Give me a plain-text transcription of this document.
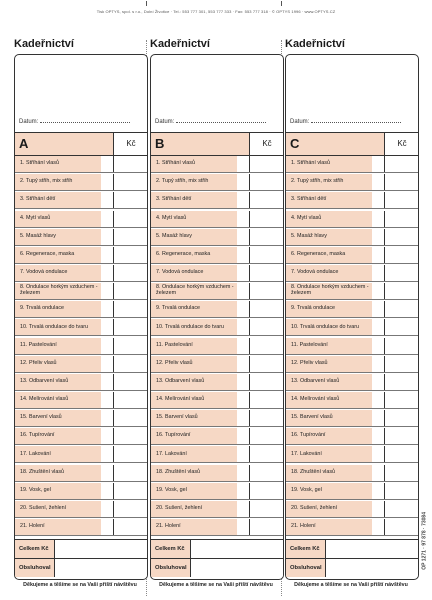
Tisk OPTYS, spol. s r.o., Dolní Životice · Tel.: 553 777 301, 553 777 333 · Fax: 553 777 318 · © OPTYS 1996 · www.OPTYS.CZ
OP 1271 · 97 878 · 73084
Kadeřnictví
Datum:
A	Kč
1. Stříhání vlasů
2. Tupý střih, mix střih
3. Stříhání dětí
4. Mytí vlasů
5. Masáž hlavy
6. Regenerace, maska
7. Vodová ondulace
8. Ondulace horkým vzduchem - železem
9. Trvalá ondulace
10. Trvalá ondulace do tvaru
11. Pastelování
12. Přeliv vlasů
13. Odbarvení vlasů
14. Melírování vlasů
15. Barvení vlasů
16. Tupírování
17. Lakování
18. Zhuštění vlasů
19. Vosk, gel
20. Sušení, žehlení
21. Holení
Celkem Kč
Obsluhoval
Děkujeme a těšíme se na Vaši příští návštěvu
Kadeřnictví
Datum:
B	Kč
1. Stříhání vlasů
2. Tupý střih, mix střih
3. Stříhání dětí
4. Mytí vlasů
5. Masáž hlavy
6. Regenerace, maska
7. Vodová ondulace
8. Ondulace horkým vzduchem - železem
9. Trvalá ondulace
10. Trvalá ondulace do tvaru
11. Pastelování
12. Přeliv vlasů
13. Odbarvení vlasů
14. Melírování vlasů
15. Barvení vlasů
16. Tupírování
17. Lakování
18. Zhuštění vlasů
19. Vosk, gel
20. Sušení, žehlení
21. Holení
Celkem Kč
Obsluhoval
Děkujeme a těšíme se na Vaši příští návštěvu
Kadeřnictví
Datum:
C	Kč
1. Stříhání vlasů
2. Tupý střih, mix střih
3. Stříhání dětí
4. Mytí vlasů
5. Masáž hlavy
6. Regenerace, maska
7. Vodová ondulace
8. Ondulace horkým vzduchem - železem
9. Trvalá ondulace
10. Trvalá ondulace do tvaru
11. Pastelování
12. Přeliv vlasů
13. Odbarvení vlasů
14. Melírování vlasů
15. Barvení vlasů
16. Tupírování
17. Lakování
18. Zhuštění vlasů
19. Vosk, gel
20. Sušení, žehlení
21. Holení
Celkem Kč
Obsluhoval
Děkujeme a těšíme se na Vaši příští návštěvu
